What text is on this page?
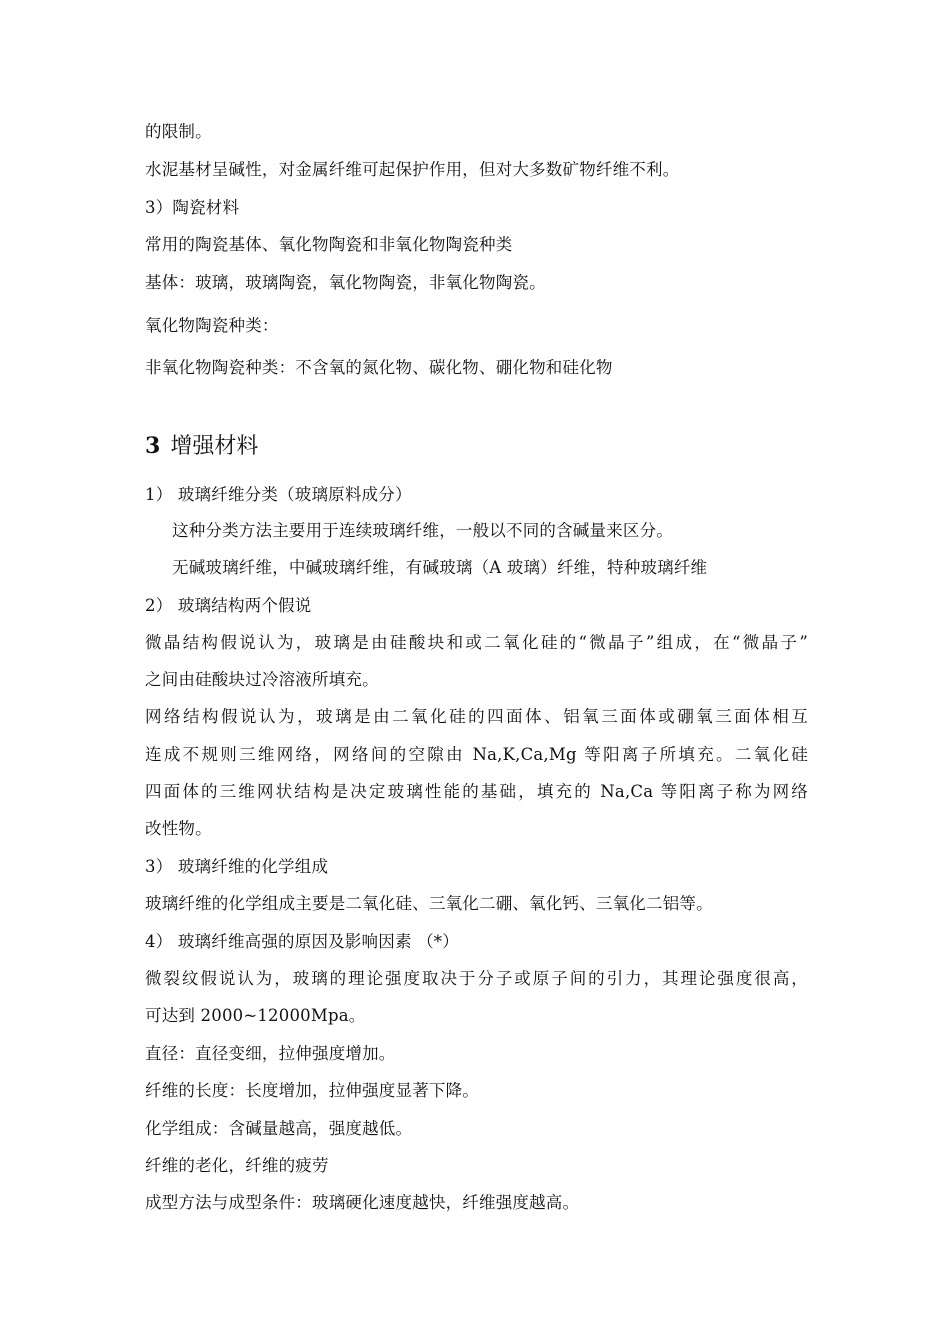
的限制。
水泥基材呈碱性，对金属纤维可起保护作用，但对大多数矿物纤维不利。
3）陶瓷材料
常用的陶瓷基体、氧化物陶瓷和非氧化物陶瓷种类
基体：玻璃，玻璃陶瓷，氧化物陶瓷，非氧化物陶瓷。
氧化物陶瓷种类：
非氧化物陶瓷种类：不含氧的氮化物、碳化物、硼化物和硅化物
3 增强材料
1） 玻璃纤维分类（玻璃原料成分）
这种分类方法主要用于连续玻璃纤维，一般以不同的含碱量来区分。
无碱玻璃纤维，中碱玻璃纤维，有碱玻璃（A 玻璃）纤维，特种玻璃纤维
2） 玻璃结构两个假说
微晶结构假说认为，玻璃是由硅酸块和或二氧化硅的“微晶子”组成，在“微晶子”
之间由硅酸块过冷溶液所填充。
网络结构假说认为，玻璃是由二氧化硅的四面体、铝氧三面体或硼氧三面体相互
连成不规则三维网络，网络间的空隙由 Na,K,Ca,Mg 等阳离子所填充。二氧化硅
四面体的三维网状结构是决定玻璃性能的基础，填充的 Na,Ca 等阳离子称为网络
改性物。
3） 玻璃纤维的化学组成
玻璃纤维的化学组成主要是二氧化硅、三氧化二硼、氧化钙、三氧化二铝等。
4） 玻璃纤维高强的原因及影响因素 （*）
微裂纹假说认为，玻璃的理论强度取决于分子或原子间的引力，其理论强度很高，
可达到 2000~12000Mpa。
直径：直径变细，拉伸强度增加。
纤维的长度：长度增加，拉伸强度显著下降。
化学组成：含碱量越高，强度越低。
纤维的老化，纤维的疲劳
成型方法与成型条件：玻璃硬化速度越快，纤维强度越高。
